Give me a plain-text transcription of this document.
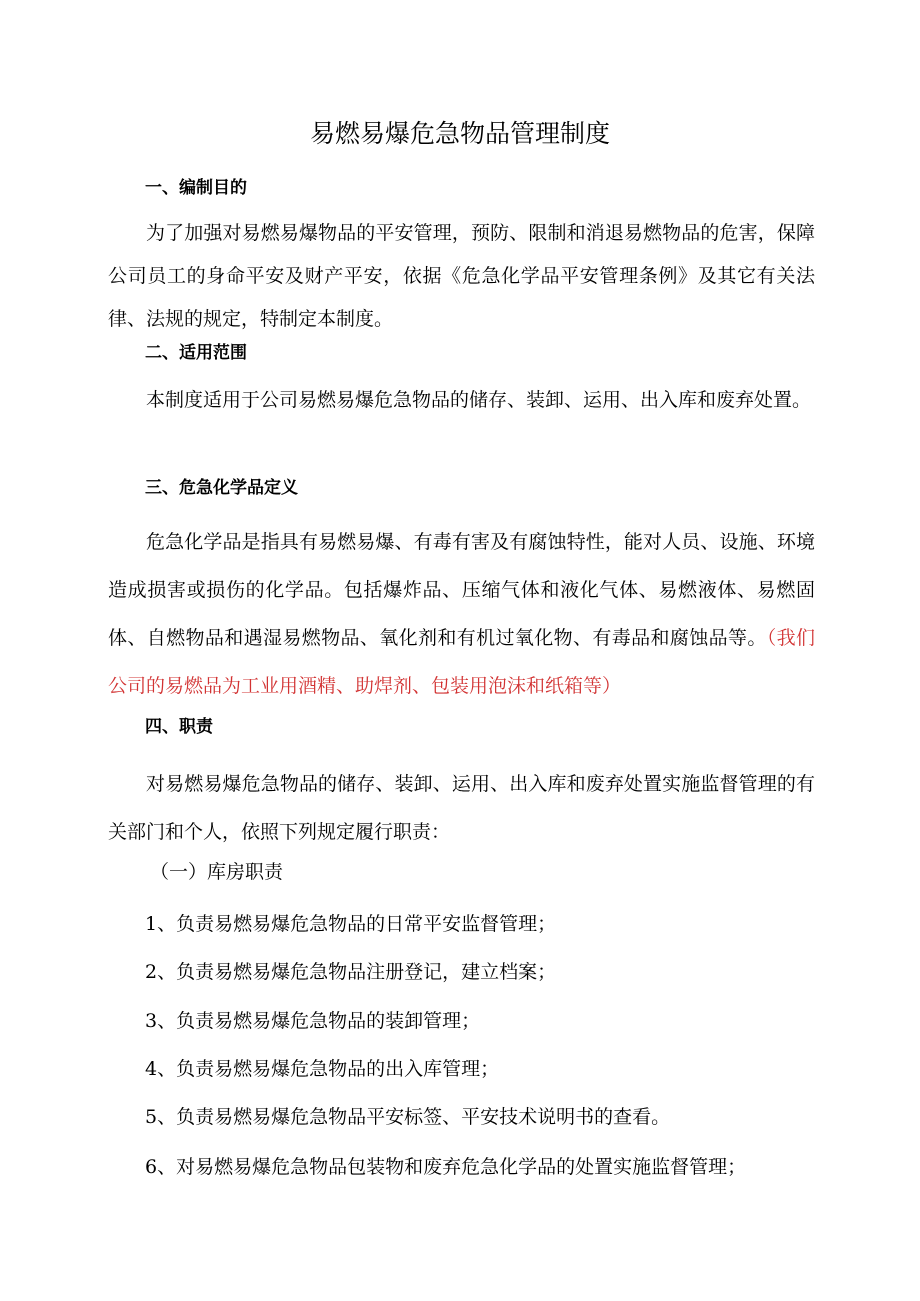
易燃易爆危急物品管理制度
一、编制目的

为了加强对易燃易爆物品的平安管理，预防、限制和消退易燃物品的危害，保障公司员工的身命平安及财产平安，依据《危急化学品平安管理条例》及其它有关法律、法规的规定，特制定本制度。

二、适用范围

本制度适用于公司易燃易爆危急物品的储存、装卸、运用、出入库和废弃处置。

三、危急化学品定义

危急化学品是指具有易燃易爆、有毒有害及有腐蚀特性，能对人员、设施、环境造成损害或损伤的化学品。包括爆炸品、压缩气体和液化气体、易燃液体、易燃固体、自燃物品和遇湿易燃物品、氧化剂和有机过氧化物、有毒品和腐蚀品等。（我们公司的易燃品为工业用酒精、助焊剂、包装用泡沫和纸箱等）

四、职责

对易燃易爆危急物品的储存、装卸、运用、出入库和废弃处置实施监督管理的有关部门和个人，依照下列规定履行职责：

（一）库房职责

1、负责易燃易爆危急物品的日常平安监督管理；

2、负责易燃易爆危急物品注册登记，建立档案；

3、负责易燃易爆危急物品的装卸管理；

4、负责易燃易爆危急物品的出入库管理；

5、负责易燃易爆危急物品平安标签、平安技术说明书的查看。

6、对易燃易爆危急物品包装物和废弃危急化学品的处置实施监督管理；
